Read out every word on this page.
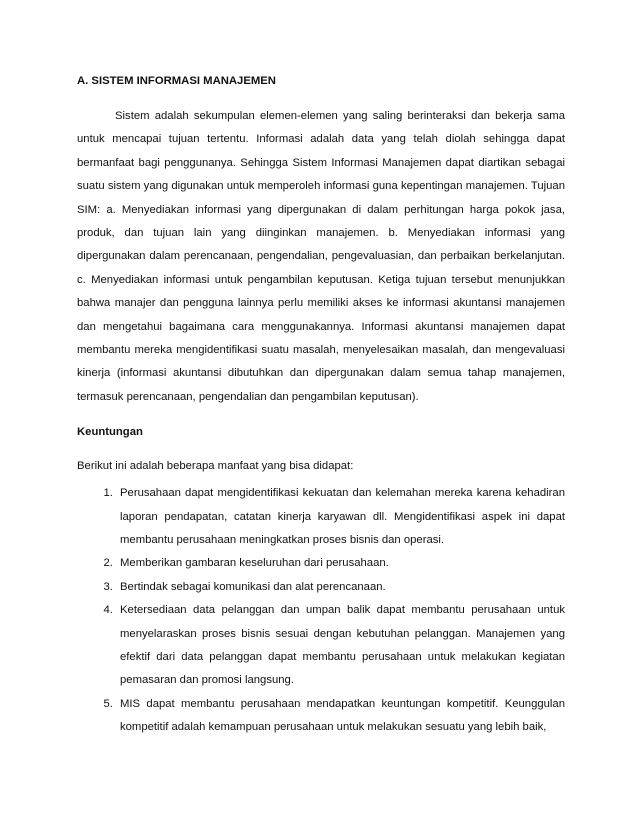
A. SISTEM INFORMASI MANAJEMEN

Sistem adalah sekumpulan elemen-elemen yang saling berinteraksi dan bekerja sama untuk mencapai tujuan tertentu. Informasi adalah data yang telah diolah sehingga dapat bermanfaat bagi penggunanya. Sehingga Sistem Informasi Manajemen dapat diartikan sebagai suatu sistem yang digunakan untuk memperoleh informasi guna kepentingan manajemen. Tujuan SIM: a. Menyediakan informasi yang dipergunakan di dalam perhitungan harga pokok jasa, produk, dan tujuan lain yang diinginkan manajemen. b. Menyediakan informasi yang dipergunakan dalam perencanaan, pengendalian, pengevaluasian, dan perbaikan berkelanjutan. c. Menyediakan informasi untuk pengambilan keputusan. Ketiga tujuan tersebut menunjukkan bahwa manajer dan pengguna lainnya perlu memiliki akses ke informasi akuntansi manajemen dan mengetahui bagaimana cara menggunakannya. Informasi akuntansi manajemen dapat membantu mereka mengidentifikasi suatu masalah, menyelesaikan masalah, dan mengevaluasi kinerja (informasi akuntansi dibutuhkan dan dipergunakan dalam semua tahap manajemen, termasuk perencanaan, pengendalian dan pengambilan keputusan).

Keuntungan

Berikut ini adalah beberapa manfaat yang bisa didapat:

1. Perusahaan dapat mengidentifikasi kekuatan dan kelemahan mereka karena kehadiran laporan pendapatan, catatan kinerja karyawan dll. Mengidentifikasi aspek ini dapat membantu perusahaan meningkatkan proses bisnis dan operasi.
2. Memberikan gambaran keseluruhan dari perusahaan.
3. Bertindak sebagai komunikasi dan alat perencanaan.
4. Ketersediaan data pelanggan dan umpan balik dapat membantu perusahaan untuk menyelaraskan proses bisnis sesuai dengan kebutuhan pelanggan. Manajemen yang efektif dari data pelanggan dapat membantu perusahaan untuk melakukan kegiatan pemasaran dan promosi langsung.
5. MIS dapat membantu perusahaan mendapatkan keuntungan kompetitif. Keunggulan kompetitif adalah kemampuan perusahaan untuk melakukan sesuatu yang lebih baik,
